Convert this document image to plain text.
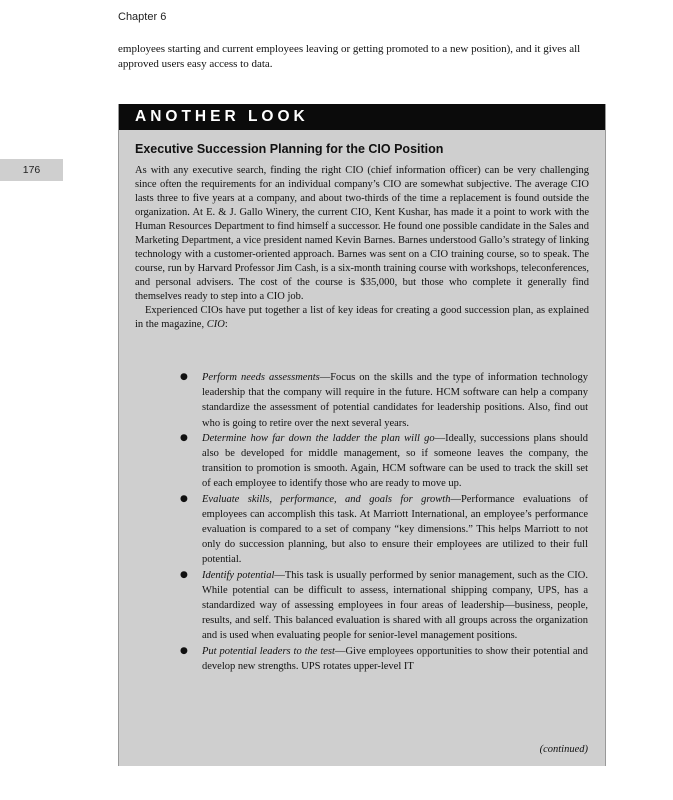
Chapter 6

employees starting and current employees leaving or getting promoted to a new position), and it gives all approved users easy access to data.

176
ANOTHER LOOK
Executive Succession Planning for the CIO Position

As with any executive search, finding the right CIO (chief information officer) can be very challenging since often the requirements for an individual company’s CIO are somewhat subjective. The average CIO lasts three to five years at a company, and about two-thirds of the time a replacement is found outside the organization. At E. & J. Gallo Winery, the current CIO, Kent Kushar, has made it a point to work with the Human Resources Department to find himself a successor. He found one possible candidate in the Sales and Marketing Department, a vice president named Kevin Barnes. Barnes understood Gallo’s strategy of linking technology with a customer-oriented approach. Barnes was sent on a CIO training course, so to speak. The course, run by Harvard Professor Jim Cash, is a six-month training course with workshops, teleconferences, and personal advisers. The cost of the course is $35,000, but those who complete it generally find themselves ready to step into a CIO job.

Experienced CIOs have put together a list of key ideas for creating a good succession plan, as explained in the magazine, CIO:

● Perform needs assessments—Focus on the skills and the type of information technology leadership that the company will require in the future. HCM software can help a company standardize the assessment of potential candidates for leadership positions. Also, find out who is going to retire over the next several years.
● Determine how far down the ladder the plan will go—Ideally, successions plans should also be developed for middle management, so if someone leaves the company, the transition to promotion is smooth. Again, HCM software can be used to track the skill set of each employee to identify those who are ready to move up.
● Evaluate skills, performance, and goals for growth—Performance evaluations of employees can accomplish this task. At Marriott International, an employee’s performance evaluation is compared to a set of company “key dimensions.” This helps Marriott to not only do succession planning, but also to ensure their employees are utilized to their full potential.
● Identify potential—This task is usually performed by senior management, such as the CIO. While potential can be difficult to assess, international shipping company, UPS, has a standardized way of assessing employees in four areas of leadership—business, people, results, and self. This balanced evaluation is shared with all groups across the organization and is used when evaluating people for senior-level management positions.
● Put potential leaders to the test—Give employees opportunities to show their potential and develop new strengths. UPS rotates upper-level IT
(continued)
